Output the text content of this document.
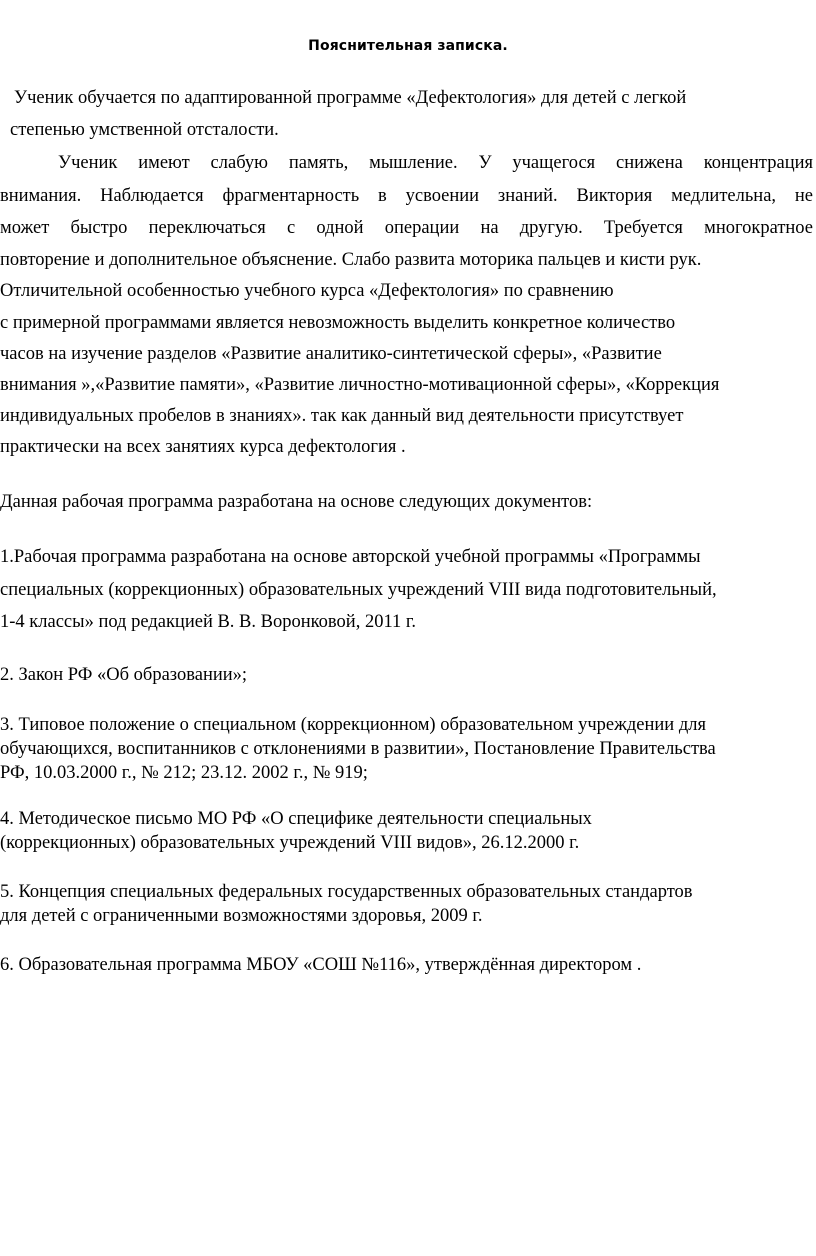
Пояснительная записка.
Ученик обучается по адаптированной программе «Дефектология» для детей с легкой
степенью умственной отсталости.
Ученик имеют слабую память, мышление. У учащегося снижена концентрация
внимания. Наблюдается фрагментарность в усвоении знаний. Виктория медлительна, не
может быстро переключаться с одной операции на другую. Требуется многократное
повторение и дополнительное объяснение. Слабо развита моторика пальцев и кисти рук.
Отличительной особенностью учебного курса «Дефектология» по сравнению
с примерной программами является невозможность выделить конкретное количество
часов на изучение разделов «Развитие аналитико-синтетической сферы», «Развитие
внимания »,«Развитие памяти», «Развитие личностно-мотивационной сферы», «Коррекция
индивидуальных пробелов в знаниях». так как данный вид деятельности присутствует
практически на всех занятиях курса дефектология .
Данная рабочая программа разработана на основе следующих документов:
1.Рабочая программа разработана на основе авторской учебной программы «Программы
специальных (коррекционных) образовательных учреждений VIII вида подготовительный,
1-4 классы» под редакцией В. В. Воронковой, 2011 г.
2. Закон РФ «Об образовании»;
3. Типовое положение о специальном (коррекционном) образовательном учреждении для
обучающихся, воспитанников с отклонениями в развитии», Постановление Правительства
РФ, 10.03.2000 г., № 212; 23.12. 2002 г., № 919;
4. Методическое письмо МО РФ «О специфике деятельности специальных
(коррекционных) образовательных учреждений VIII видов», 26.12.2000 г.
5. Концепция специальных федеральных государственных образовательных стандартов
для детей с ограниченными возможностями здоровья, 2009 г.
6. Образовательная программа МБОУ «СОШ №116», утверждённая директором .
